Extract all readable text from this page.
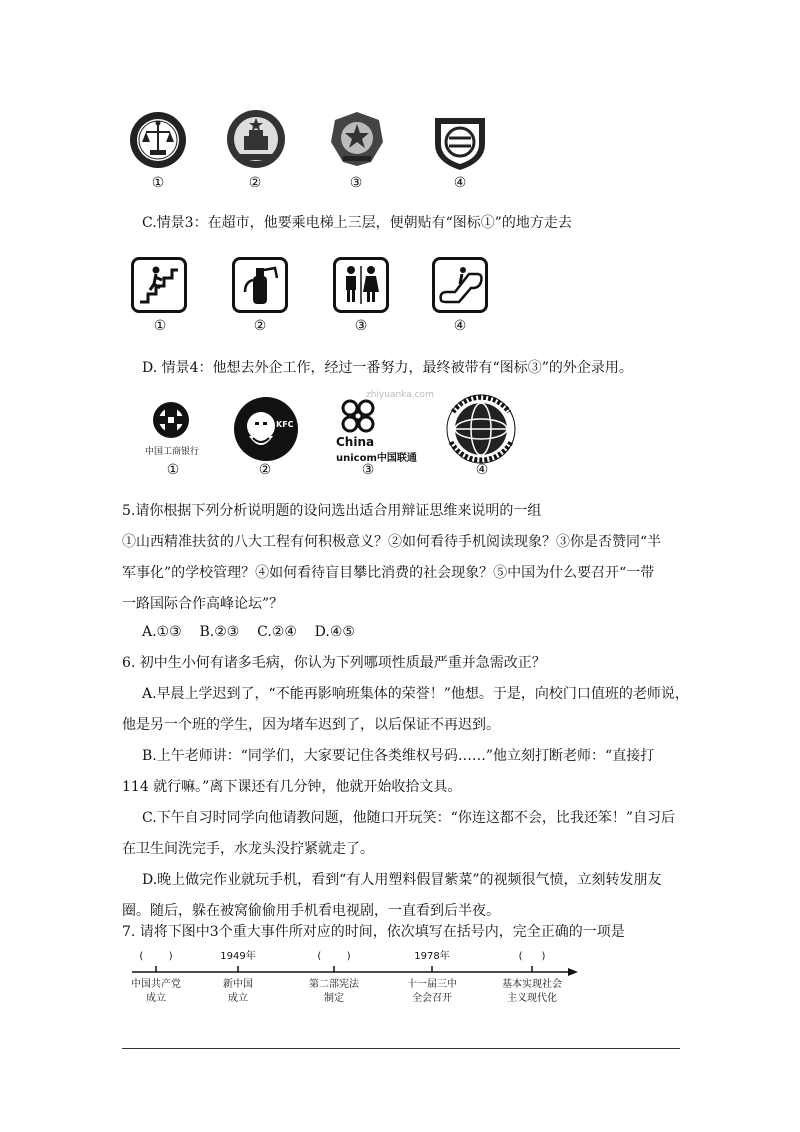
①	②	③	④
C.情景3：在超市，他要乘电梯上三层，便朝贴有“图标①”的地方走去
①	②	③	④
D. 情景4：他想去外企工作，经过一番努力，最终被带有“图标③”的外企录用。
中国工商银行
KFC
China
unicom中国联通
zhiyuanka.com
①	②	③	④
5.请你根据下列分析说明题的设问选出适合用辩证思维来说明的一组
①山西精准扶贫的八大工程有何积极意义？②如何看待手机阅读现象？③你是否赞同“半
军事化”的学校管理？④如何看待盲目攀比消费的社会现象？⑤中国为什么要召开“一带
一路国际合作高峰论坛”？
A.①③    B.②③    C.②④    D.④⑤
6. 初中生小何有诸多毛病，你认为下列哪项性质最严重并急需改正？
A.早晨上学迟到了，“不能再影响班集体的荣誉！”他想。于是，向校门口值班的老师说，
他是另一个班的学生，因为堵车迟到了，以后保证不再迟到。
B.上午老师讲：“同学们，大家要记住各类维权号码……”他立刻打断老师：“直接打
114 就行嘛。”离下课还有几分钟，他就开始收拾文具。
C.下午自习时同学向他请教问题，他随口开玩笑：“你连这都不会，比我还笨！”自习后
在卫生间洗完手，水龙头没拧紧就走了。
D.晚上做完作业就玩手机，看到“有人用塑料假冒紫菜”的视频很气愤，立刻转发朋友
圈。随后，躲在被窝偷偷用手机看电视剧，一直看到后半夜。
7. 请将下图中3个重大事件所对应的时间，依次填写在括号内，完全正确的一项是
(        )	1949年	(        )	1978年	(      )
中国共产党
成立
新中国
成立
第二部宪法
制定
十一届三中
全会召开
基本实现社会
主义现代化
